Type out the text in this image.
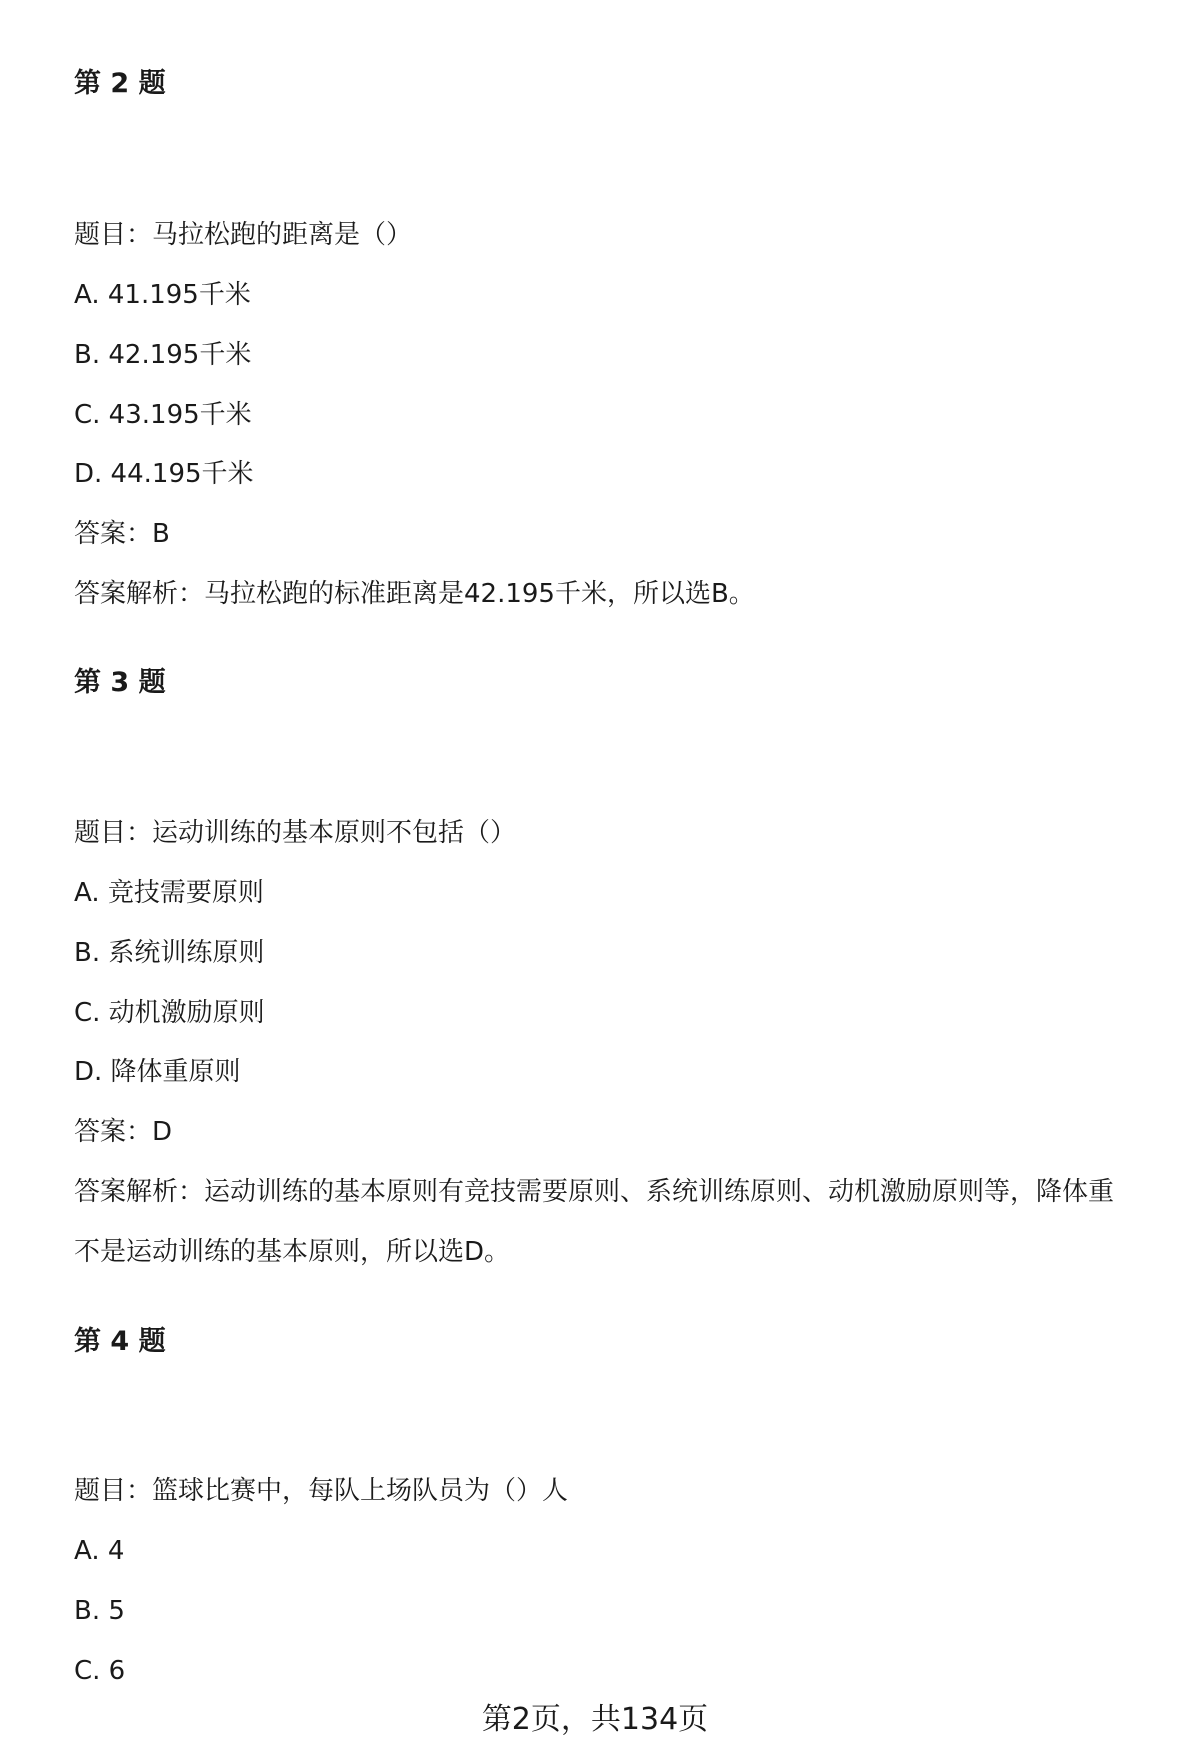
第 2 题
题目：马拉松跑的距离是（）
A. 41.195千米
B. 42.195千米
C. 43.195千米
D. 44.195千米
答案：B
答案解析：马拉松跑的标准距离是42.195千米，所以选B。
第 3 题
题目：运动训练的基本原则不包括（）
A. 竞技需要原则
B. 系统训练原则
C. 动机激励原则
D. 降体重原则
答案：D
答案解析：运动训练的基本原则有竞技需要原则、系统训练原则、动机激励原则等，降体重不是运动训练的基本原则，所以选D。
第 4 题
题目：篮球比赛中，每队上场队员为（）人
A. 4
B. 5
C. 6
第2页，共134页
